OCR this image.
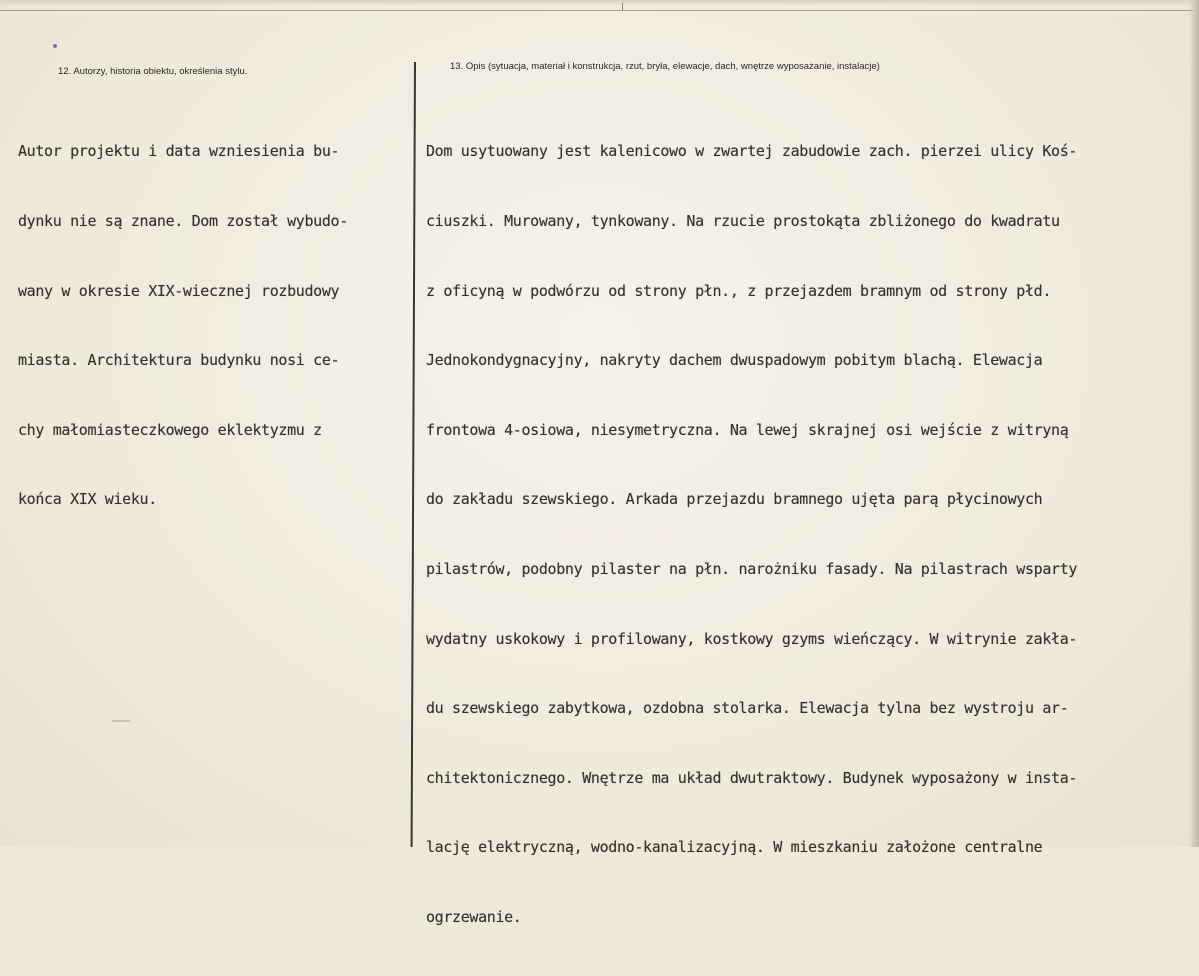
12. Autorzy, historia obiektu, określenia stylu.	13. Opis (sytuacja, materiał i konstrukcja, rzut, bryła, elewacje, dach, wnętrze wyposażanie, instalacje)

Autor projektu i data wzniesienia bu-

dynku nie są znane. Dom został wybudo-

wany w okresie XIX-wiecznej rozbudowy

miasta. Architektura budynku nosi ce-

chy małomiasteczkowego eklektyzmu z

końca XIX wieku.

Dom usytuowany jest kalenicowo w zwartej zabudowie zach. pierzei ulicy Koś-

ciuszki. Murowany, tynkowany. Na rzucie prostokąta zbliżonego do kwadratu

z oficyną w podwórzu od strony płn., z przejazdem bramnym od strony płd.

Jednokondygnacyjny, nakryty dachem dwuspadowym pobitym blachą. Elewacja

frontowa 4-osiowa, niesymetryczna. Na lewej skrajnej osi wejście z witryną

do zakładu szewskiego. Arkada przejazdu bramnego ujęta parą płycinowych

pilastrów, podobny pilaster na płn. narożniku fasady. Na pilastrach wsparty

wydatny uskokowy i profilowany, kostkowy gzyms wieńczący. W witrynie zakła-

du szewskiego zabytkowa, ozdobna stolarka. Elewacja tylna bez wystroju ar-

chitektonicznego. Wnętrze ma układ dwutraktowy. Budynek wyposażony w insta-

lację elektryczną, wodno-kanalizacyjną. W mieszkaniu założone centralne

ogrzewanie.
